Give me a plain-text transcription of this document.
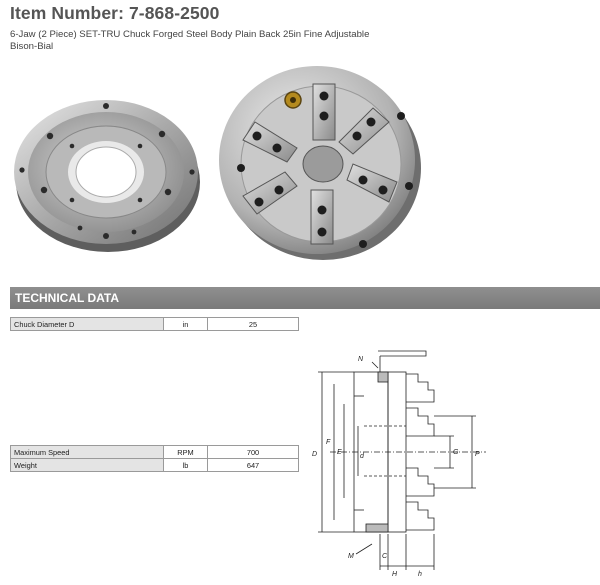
Item Number: 7-868-2500
6-Jaw (2 Piece) SET-TRU Chuck Forged Steel Body Plain Back 25in Fine Adjustable Bison-Bial
TECHNICAL DATA
Chuck Diameter D	in	25
Maximum Speed	RPM	700
Weight	lb	647
N
M	C
H	h
D
F
E
d
G P
